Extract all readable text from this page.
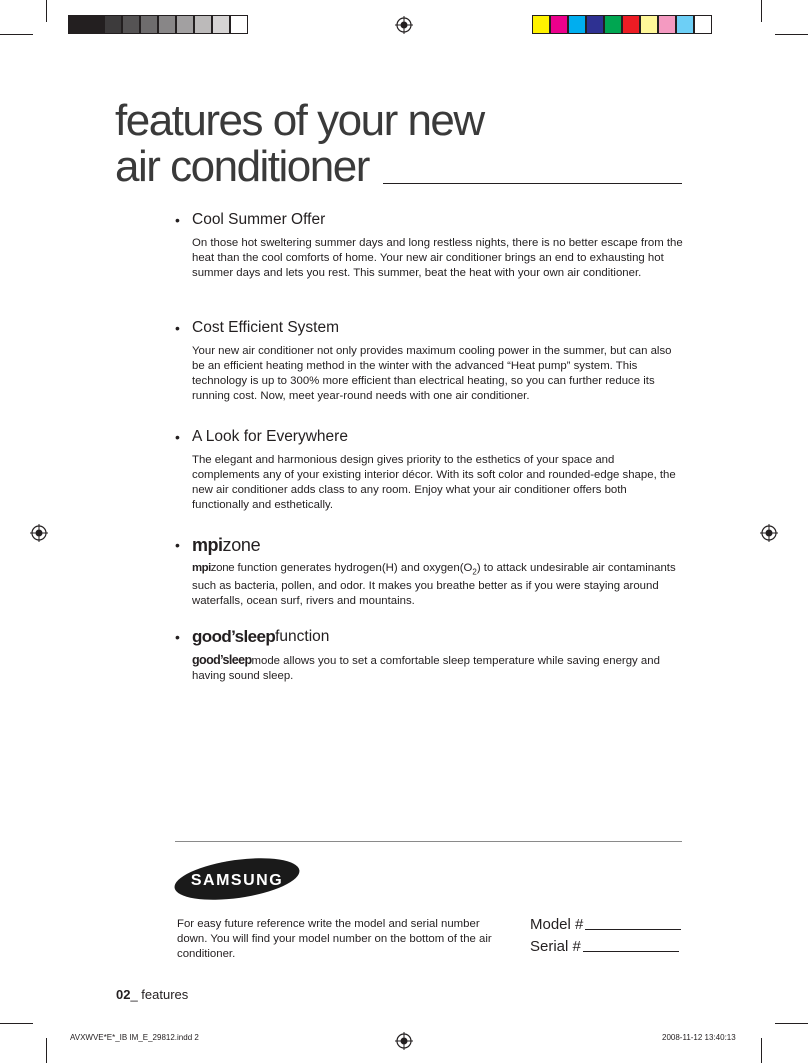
features of your new
air conditioner
• Cool Summer Offer
On those hot sweltering summer days and long restless nights, there is no better escape from the heat than the cool comforts of home. Your new air conditioner brings an end to exhausting hot summer days and lets you rest. This summer, beat the heat with your own air conditioner.
• Cost Efficient System
Your new air conditioner not only provides maximum cooling power in the summer, but can also be an efficient heating method in the winter with the advanced “Heat pump” system. This technology is up to 300% more efficient than electrical heating, so you can further reduce its running cost. Now, meet year-round needs with one air conditioner.
• A Look for Everywhere
The elegant and harmonious design gives priority to the esthetics of your space and complements any of your existing interior décor. With its soft color and rounded-edge shape, the new air conditioner adds class to any room. Enjoy what your air conditioner offers both functionally and esthetically.
• mpi zone
mpizone function generates hydrogen(H) and $oxygen(O_2)$ to attack undesirable air contaminants such as bacteria, pollen, and odor. It makes you breathe better as if you were staying around waterfalls, ocean surf, rivers and mountains.
• good’sleep function
good’sleepmode allows you to set a comfortable sleep temperature while saving energy and having sound sleep.
SAMSUNG
For easy future reference write the model and serial number down. You will find your model number on the bottom of the air conditioner.
Model #
Serial #
02_ features
AVXWVE*E*_IB IM_E_29812.indd 2	2008-11-12 13:40:13
